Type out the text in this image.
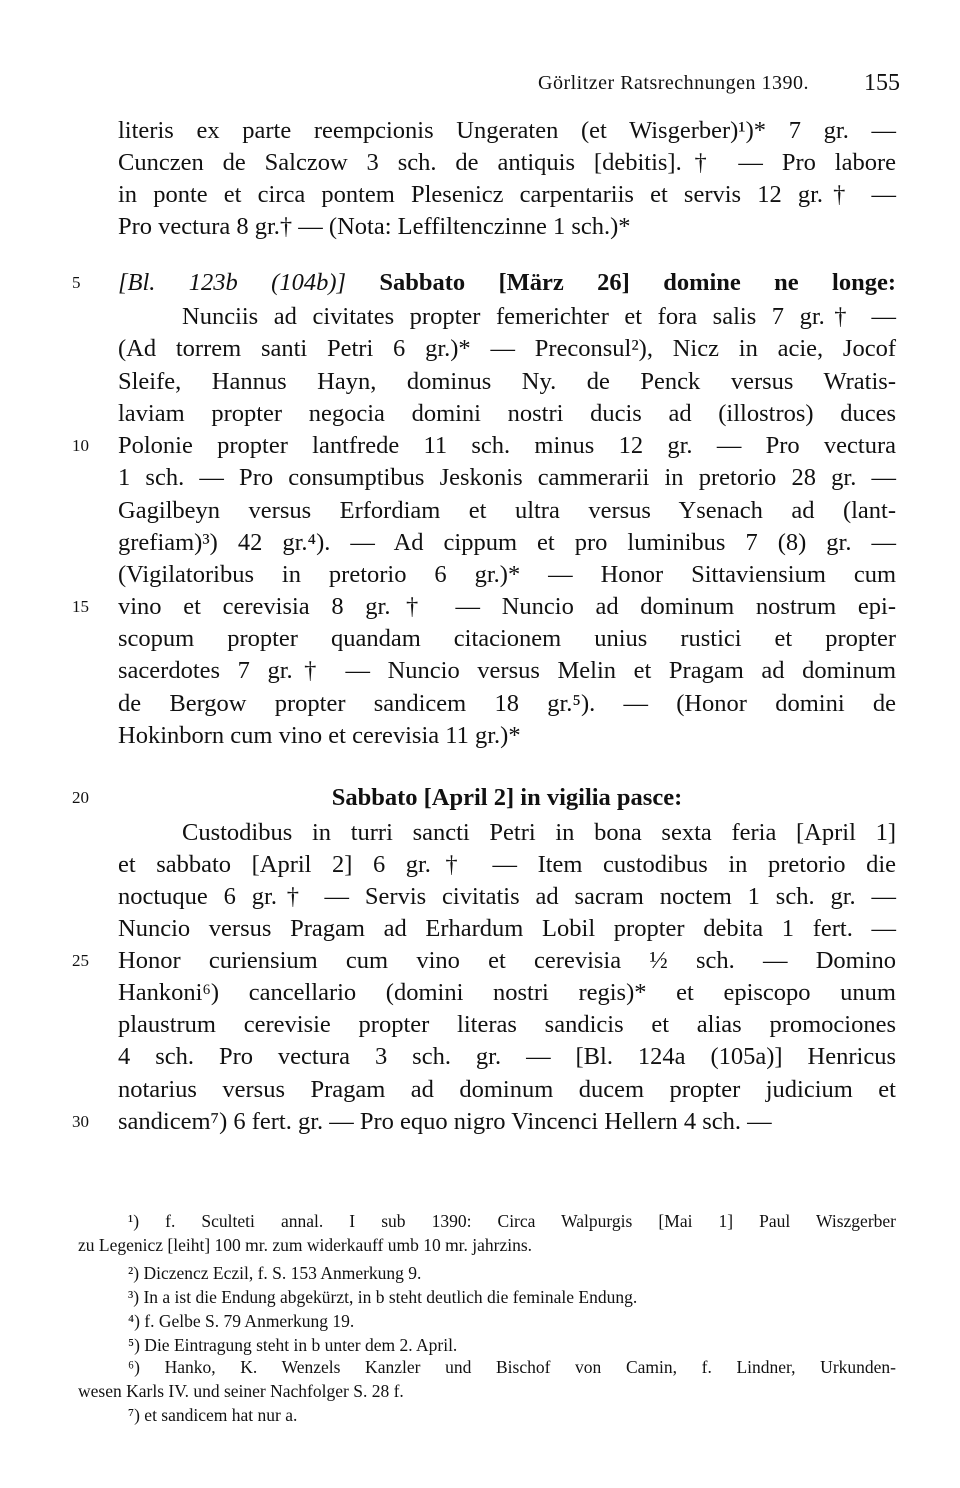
Görlitzer Ratsrechnungen 1390. 155
literis ex parte reempcionis Ungeraten (et Wisgerber)¹)* 7 gr. —
Cunczen de Salczow 3 sch. de antiquis [debitis].† — Pro labore
in ponte et circa pontem Plesenicz carpentariis et servis 12 gr.† —
Pro vectura 8 gr.† — (Nota: Leffiltenczinne 1 sch.)*
[Bl. 123b (104b)] Sabbato [März 26] domine ne longe:
5
Nunciis ad civitates propter femerichter et fora salis 7 gr.† —
(Ad torrem santi Petri 6 gr.)* — Preconsul²), Nicz in acie, Jocof
Sleife, Hannus Hayn, dominus Ny. de Penck versus Wratis-
laviam propter negocia domini nostri ducis ad (illostros) duces
Polonie propter lantfrede 11 sch. minus 12 gr. — Pro vectura
10
1 sch. — Pro consumptibus Jeskonis cammerarii in pretorio 28 gr. —
Gagilbeyn versus Erfordiam et ultra versus Ysenach ad (lant-
grefiam)³) 42 gr.⁴). — Ad cippum et pro luminibus 7 (8) gr. —
(Vigilatoribus in pretorio 6 gr.)* — Honor Sittaviensium cum
vino et cerevisia 8 gr.† — Nuncio ad dominum nostrum epi-
15
scopum propter quandam citacionem unius rustici et propter
sacerdotes 7 gr.† — Nuncio versus Melin et Pragam ad dominum
de Bergow propter sandicem 18 gr.⁵). — (Honor domini de
Hokinborn cum vino et cerevisia 11 gr.)*
Sabbato [April 2] in vigilia pasce:
20
Custodibus in turri sancti Petri in bona sexta feria [April 1]
et sabbato [April 2] 6 gr.† — Item custodibus in pretorio die
noctuque 6 gr.† — Servis civitatis ad sacram noctem 1 sch. gr. —
Nuncio versus Pragam ad Erhardum Lobil propter debita 1 fert. —
Honor curiensium cum vino et cerevisia ½ sch. — Domino
25
Hankoni⁶) cancellario (domini nostri regis)* et episcopo unum
plaustrum cerevisie propter literas sandicis et alias promociones
4 sch. Pro vectura 3 sch. gr. — [Bl. 124a (105a)] Henricus
notarius versus Pragam ad dominum ducem propter judicium et
sandicem⁷) 6 fert. gr. — Pro equo nigro Vincenci Hellern 4 sch. —
30
¹) f. Sculteti annal. I sub 1390: Circa Walpurgis [Mai 1] Paul Wiszgerber
zu Legenicz [leiht] 100 mr. zum widerkauff umb 10 mr. jahrzins.
²) Diczencz Eczil, f. S. 153 Anmerkung 9.
³) In a ist die Endung abgekürzt, in b steht deutlich die feminale Endung.
⁴) f. Gelbe S. 79 Anmerkung 19.
⁵) Die Eintragung steht in b unter dem 2. April.
⁶) Hanko, K. Wenzels Kanzler und Bischof von Camin, f. Lindner, Urkunden-
wesen Karls IV. und seiner Nachfolger S. 28 f.
⁷) et sandicem hat nur a.
